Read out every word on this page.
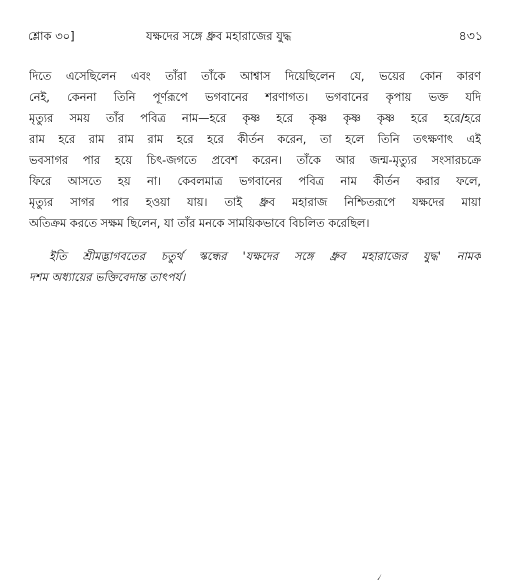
শ্লোক ৩০]	যক্ষদের সঙ্গে ধ্রুব মহারাজের যুদ্ধ	৪৩১
দিতে এসেছিলেন এবং তাঁরা তাঁকে আশ্বাস দিয়েছিলেন যে, ভয়ের কোন কারণ
নেই, কেননা তিনি পূর্ণরূপে ভগবানের শরণাগত। ভগবানের কৃপায় ভক্ত যদি
মৃত্যুর সময় তাঁর পবিত্র নাম—হরে কৃষ্ণ হরে কৃষ্ণ কৃষ্ণ কৃষ্ণ হরে হরে/হরে
রাম হরে রাম রাম রাম হরে হরে কীর্তন করেন, তা হলে তিনি তৎক্ষণাৎ এই
ভবসাগর পার হয়ে চিৎ-জগতে প্রবেশ করেন। তাঁকে আর জন্ম-মৃত্যুর সংসারচক্রে
ফিরে আসতে হয় না। কেবলমাত্র ভগবানের পবিত্র নাম কীর্তন করার ফলে,
মৃত্যুর সাগর পার হওয়া যায়। তাই ধ্রুব মহারাজ নিশ্চিতরূপে যক্ষদের মায়া
অতিক্রম করতে সক্ষম ছিলেন, যা তাঁর মনকে সাময়িকভাবে বিচলিত করেছিল।
ইতি শ্রীমদ্ভাগবতের চতুর্থ স্কন্ধের 'যক্ষদের সঙ্গে ধ্রুব মহারাজের যুদ্ধ' নামক
দশম অধ্যায়ের ভক্তিবেদান্ত তাৎপর্য।
৴
